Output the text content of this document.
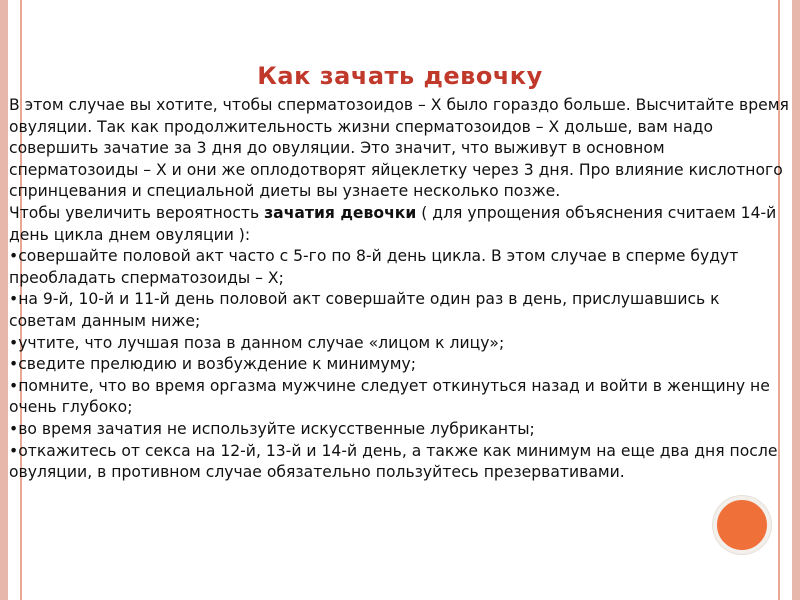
Как зачать девочку

В этом случае вы хотите, чтобы сперматозоидов – Х было гораздо больше. Высчитайте время овуляции. Так как продолжительность жизни сперматозоидов – Х дольше, вам надо совершить зачатие за 3 дня до овуляции. Это значит, что выживут в основном сперматозоиды – Х и они же оплодотворят яйцеклетку через 3 дня. Про влияние кислотного спринцевания и специальной диеты вы узнаете несколько позже.

Чтобы увеличить вероятность зачатия девочки ( для упрощения объяснения считаем 14-й день цикла днем овуляции ):

•совершайте половой акт часто с 5-го по 8-й день цикла. В этом случае в сперме будут преобладать сперматозоиды – Х;

•на 9-й, 10-й и 11-й день половой акт совершайте один раз в день, прислушавшись к советам данным ниже;

•учтите, что лучшая поза в данном случае «лицом к лицу»;

•сведите прелюдию и возбуждение к минимуму;

•помните, что во время оргазма мужчине следует откинуться назад и войти в женщину не очень глубоко;

•во время зачатия не используйте искусственные лубриканты;

•откажитесь от секса на 12-й, 13-й и 14-й день, а также как минимум на еще два дня после овуляции, в противном случае обязательно пользуйтесь презервативами.
